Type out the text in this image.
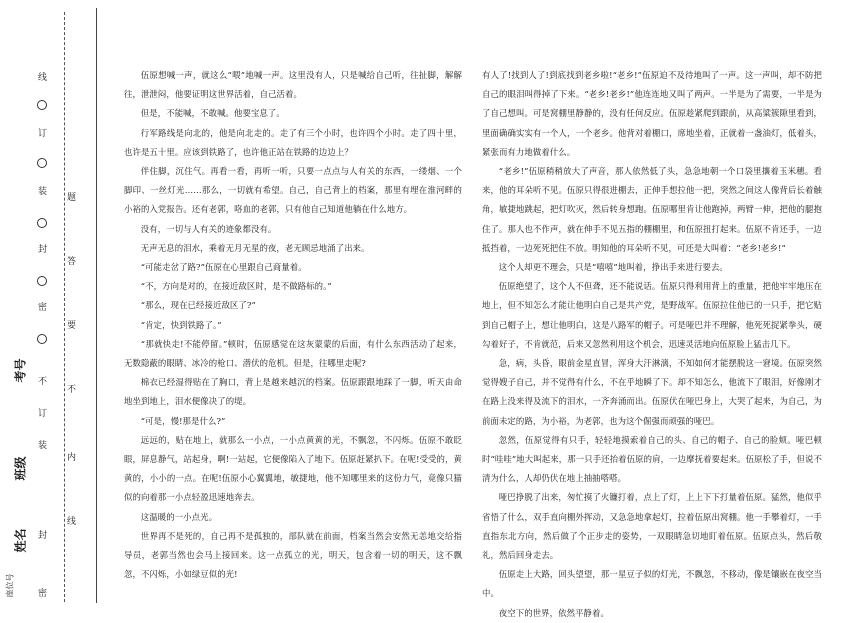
线
订
装
封
密
不
订
装
封
密
考号
班级
姓名
座位号
题
答
要
不
内
线

伍原想喊一声，就这么“喂”地喊一声。这里没有人，只是喊给自己听，往扯脚，解解往，泄泄闷，他要证明这世界活着，自己活着。

但是，不能喊，不敢喊。他要宝息了。

行军路线是向北的，他是向北走的。走了有三个小时，也许四个小时。走了四十里，也许是五十里。应该到铁路了，也许他正站在铁路的边边上？

伴住脚，沉住气。再看一看，再听一听，只要一点点与人有关的东西，一缕烟、一个脚印、一丝灯光……那么，一切就有希望。自己，自己背上的档案，那里有埋在淮河畔的小裕的入党报告。还有老郭，咯血的老郭，只有他自己知道他躺在什么地方。

没有，一切与人有关的迹象都没有。

无声无息的泪水，乘着无月无星的夜，老无顾忌地涌了出来。

“可能走岔了路?”伍原在心里跟自己商量着。

“不，方向是对的，在接近敌区时，是不做路标的。”

“那么，现在已经接近敌区了?”

“肯定，快到铁路了。”

“那就快走!不能停留。”顿时，伍原感觉在这灰蒙蒙的后面，有什么东西活动了起来，无数隐蔽的眼睛、冰冷的枪口、潜伏的危机。但是，往哪里走呢?

棉衣已经湿得贴在了胸口，背上是越来越沉的档案。伍原跟跟地踩了一脚，听天由命地坐到地上，泪水便像决了的堤。

“可是，慢!那是什么?”

远远的，贴在地上，就那么一小点，一小点黄黄的光，不飘忽，不闪烁。伍原不敢眨眼，屏息静气，站起身，啊!一站起，它便像陷入了地下。伍原赶紧扒下。在呢!受受的，黄黄的，小小的一点。在呢!伍原小心翼翼地，敏捷地，他不知哪里来的这份力气，竟像只猫似的向着那一小点轻盈迅速地奔去。

这温暖的一小点光。

世界再不是死的，自己再不是孤独的，部队就在前面，档案当然会安然无恙地交给指导员，老郭当然也会马上接回来。这一点孤立的光，明天，包含着一切的明天，这不飘忽，不闪烁，小如绿豆似的光!

有人了!找到人了!到底找到老乡啦!“老乡!”伍原迫不及待地叫了一声。这一声叫，却不防把自己的眼泪叫得掉了下来。“老乡!老乡!”他连连地又叫了两声。一半是为了需要，一半是为了自己想叫。可是窝棚里静静的，没有任何反应。伍原趁紧爬到跟前，从高粱簇隙里看到，里面确确实实有一个人，一个老乡。他背对着棚口，席地坐着，正就着一盏油灯，低着头，紧张而有力地做着什么。

“老乡!”伍原稍稍放大了声音，那人依然低了头，急急地朝一个口袋里攘着玉米穗。看来，他的耳朵听不见。伍原只得很进棚去，正伸手想拉他一把，突然之间这人像背后长着触角，敏捷地跳起，把灯吹灭，然后转身想跑。伍原哪里肯让他跑掉，两臂一伸，把他的腿抱住了。那人也不作声，就在伸手不见五指的棚棚里，和伍原扭打起来。伍原不肯还手，一边抵挡着，一边死死把住不放。明知他的耳朵听不见，可还是大叫着：“老乡!老乡!”

这个人却更不理会，只是“嘻嘻”地叫着，挣出手来进行要去。

伍原绝望了，这个人不但聋，还不能说话。伍原只得利用背上的重量，把他牢牢地压在地上，但不知怎么才能让他明白自己是共产党，是野战军。伍原拉住他已的一只手，把它贴到自己帽子上，想让他明白，这是八路军的帽子。可是哑巴并不理解，他死死捉紧拳头，硬勾着好子，不肯就范，后来又忽然利用这个机会，迅速灵活地向伍原脸上猛击几下。

急，病，头昏，眼前金星直冒，浑身大汗淋漓，不知如何才能摆脱这一窘境。伍原突然觉得嫂子自己，并不觉得有什么，不在乎地瞬了下。却不知怎么，他流下了眼泪，好像刚才在路上没来得及流下的泪水，一齐奔涌而出。伍原伏在哑巴身上，大哭了起来，为自己，为前面未定的路，为小裕，为老郭，也为这个倔强而顽强的哑巴。

忽然，伍原觉得有只手，轻轻地摸索着自己的头、自己的帽子、自己的脸颊。哑巴顿时“哇哇”地大叫起来，那一只手还抬着伍原的肩，一边摩抚着要起来。伍原松了手，但说不清为什么，人却仍伏在地上抽抽嗒嗒。

哑巴挣脱了出来，匆忙摸了火镰打着，点上了灯，上上下下打量着伍原。猛然，他似乎省悟了什么，双手直向棚外挥动，又急急地拿起灯，拉着伍原出窝棚。他一手攀着灯，一手直指东北方向，然后做了个正步走的姿势，一双眼睛急切地盯着伍原。伍原点头，然后敬礼，然后回身走去。

伍原走上大路，回头望望，那一星豆子似的灯光，不飘忽，不移动，像是镶嵌在夜空当中。

夜空下的世界，依然平静着。
